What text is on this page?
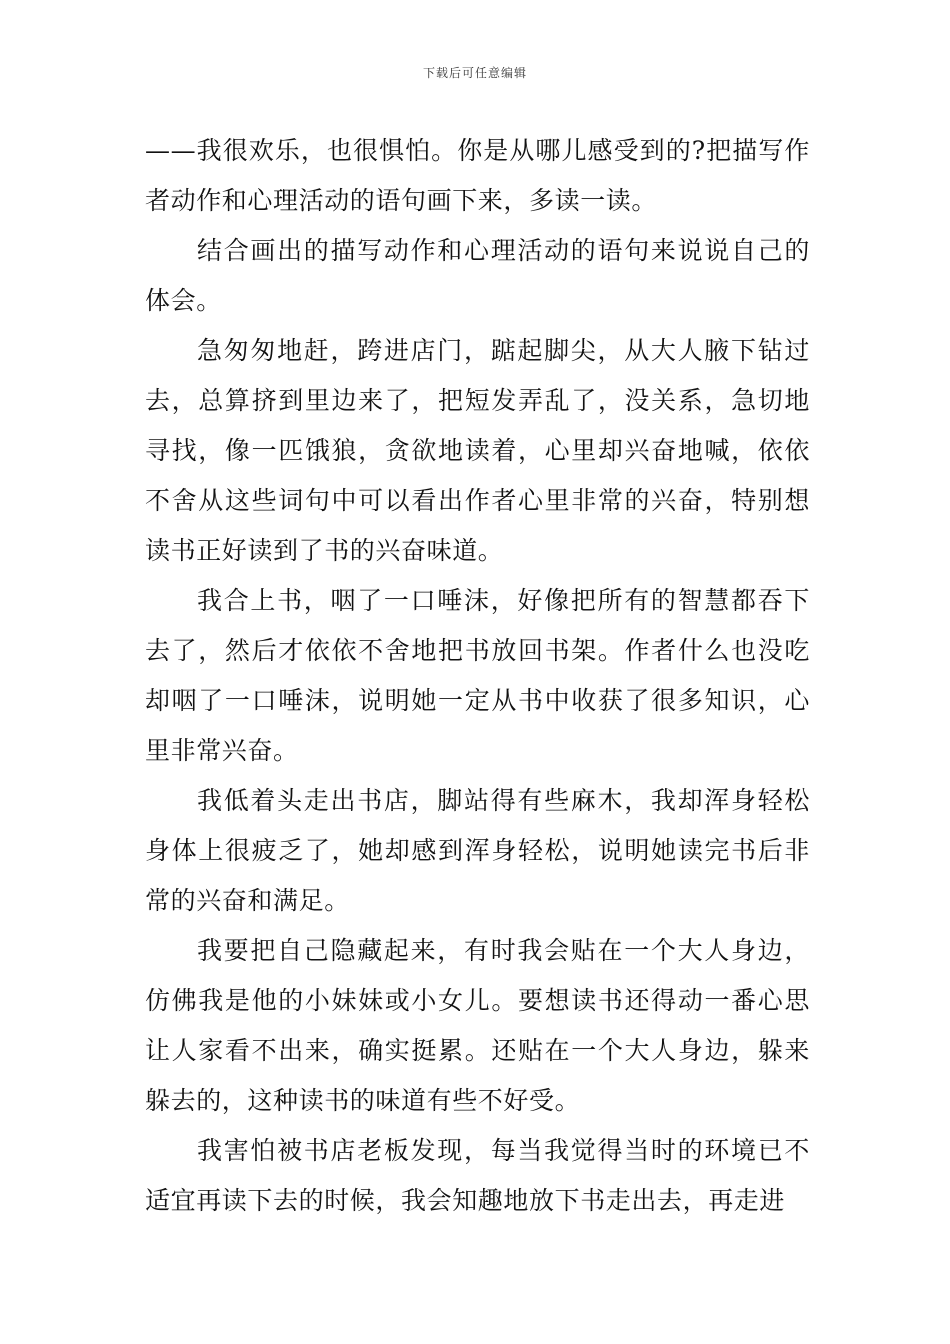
下载后可任意编辑

——我很欢乐，也很惧怕。你是从哪儿感受到的?把描写作者动作和心理活动的语句画下来，多读一读。

结合画出的描写动作和心理活动的语句来说说自己的体会。

急匆匆地赶，跨进店门，踮起脚尖，从大人腋下钻过去，总算挤到里边来了，把短发弄乱了，没关系，急切地寻找，像一匹饿狼，贪欲地读着，心里却兴奋地喊，依依不舍从这些词句中可以看出作者心里非常的兴奋，特别想读书正好读到了书的兴奋味道。

我合上书，咽了一口唾沫，好像把所有的智慧都吞下去了，然后才依依不舍地把书放回书架。作者什么也没吃却咽了一口唾沫，说明她一定从书中收获了很多知识，心里非常兴奋。

我低着头走出书店，脚站得有些麻木，我却浑身轻松身体上很疲乏了，她却感到浑身轻松，说明她读完书后非常的兴奋和满足。

我要把自己隐藏起来，有时我会贴在一个大人身边，仿佛我是他的小妹妹或小女儿。要想读书还得动一番心思让人家看不出来，确实挺累。还贴在一个大人身边，躲来躲去的，这种读书的味道有些不好受。

我害怕被书店老板发现，每当我觉得当时的环境已不适宜再读下去的时候，我会知趣地放下书走出去，再走进
